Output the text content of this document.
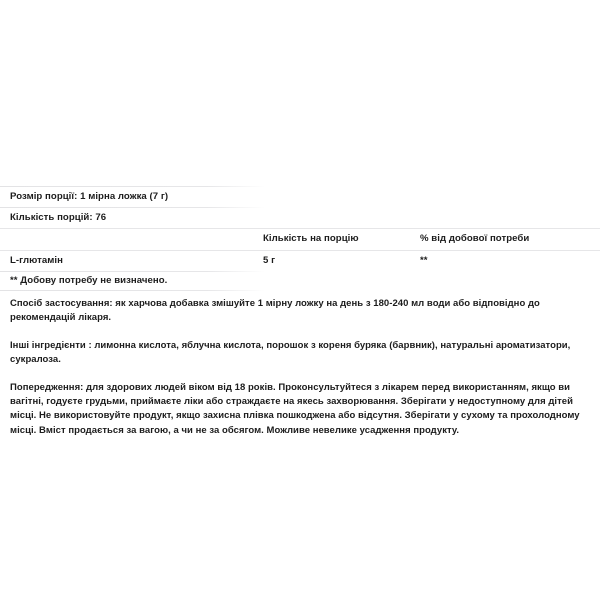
Розмір порції: 1 мірна ложка (7 г)		
Кількість порцій: 76		
	Кількість на порцію	% від добової потреби
L-глютамін	5 г	**
** Добову потребу не визначено.		

Спосіб застосування: як харчова добавка змішуйте 1 мірну ложку на день з 180-240 мл води або відповідно до рекомендацій лікаря.

Інші інгредієнти : лимонна кислота, яблучна кислота, порошок з кореня буряка (барвник), натуральні ароматизатори, сукралоза.

Попередження: для здорових людей віком від 18 років. Проконсультуйтеся з лікарем перед використанням, якщо ви вагітні, годуєте грудьми, приймаєте ліки або страждаєте на якесь захворювання. Зберігати у недоступному для дітей місці. Не використовуйте продукт, якщо захисна плівка пошкоджена або відсутня. Зберігати у сухому та прохолодному місці. Вміст продається за вагою, а чи не за обсягом. Можливе невелике усадження продукту.
